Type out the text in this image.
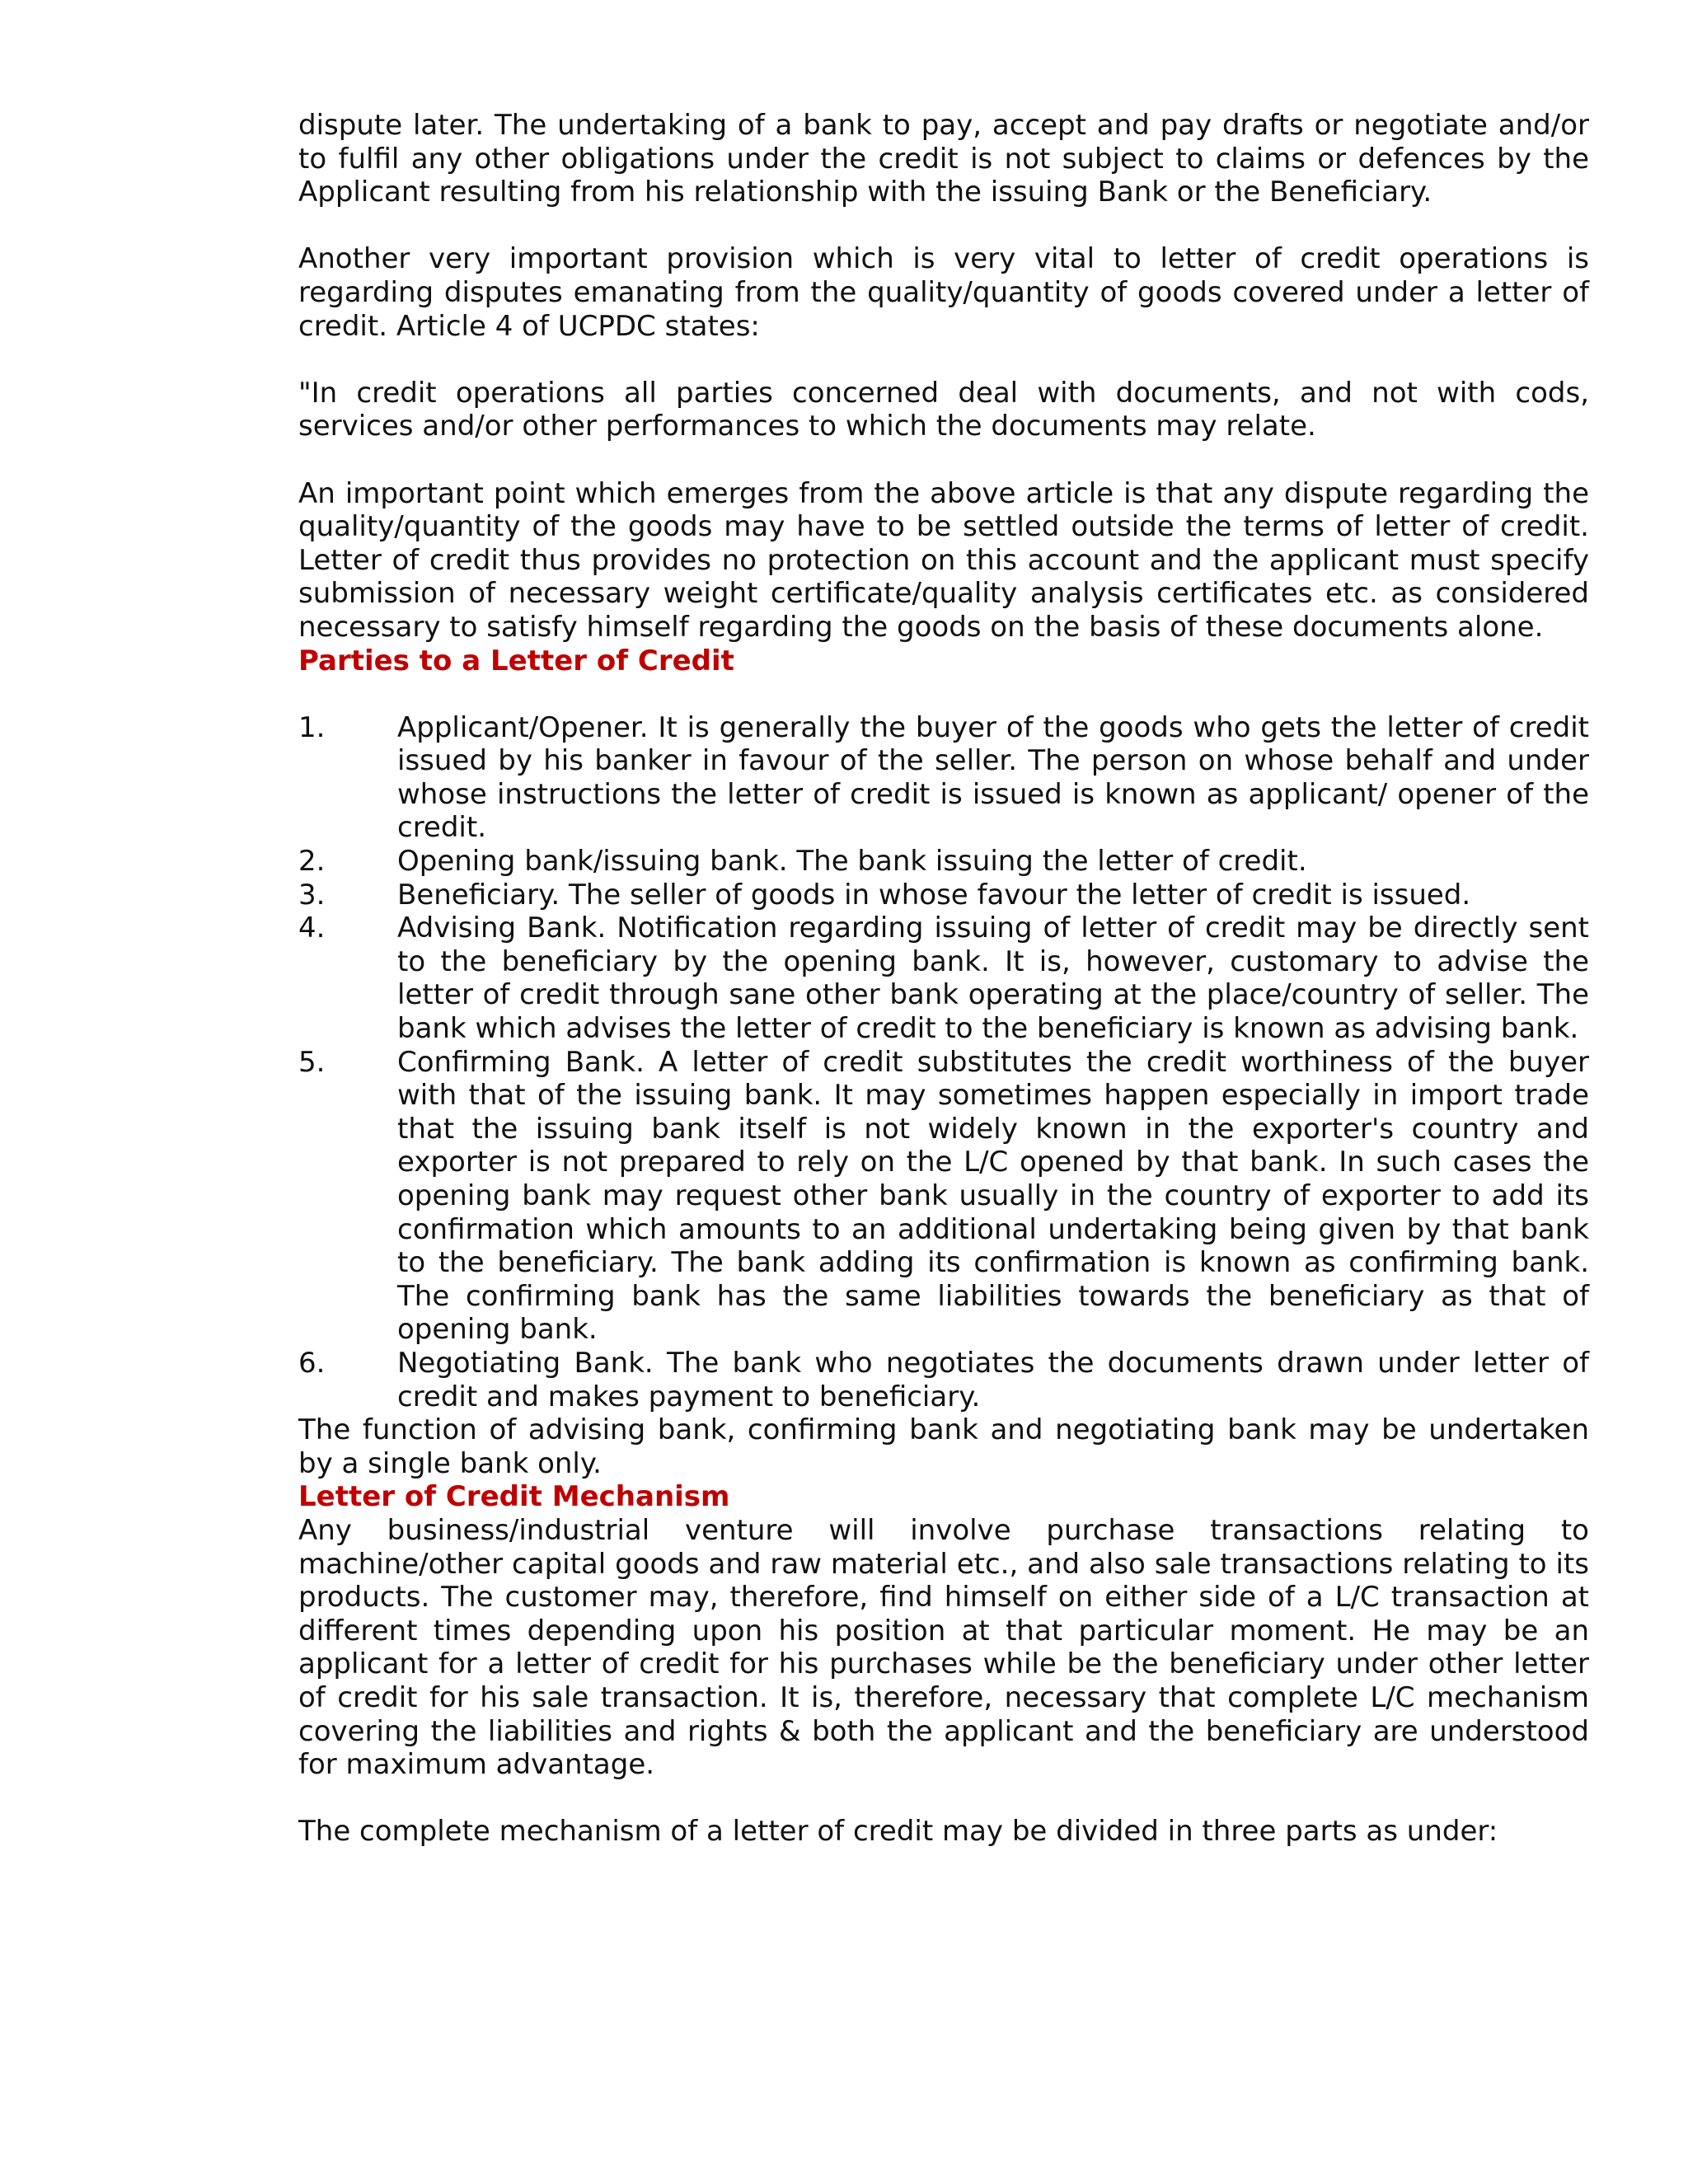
dispute later. The undertaking of a bank to pay, accept and pay drafts or negotiate and/or to fulfil any other obligations under the credit is not subject to claims or defences by the Applicant resulting from his relationship with the issuing Bank or the Beneficiary.

Another very important provision which is very vital to letter of credit operations is regarding disputes emanating from the quality/quantity of goods covered under a letter of credit. Article 4 of UCPDC states:

"In credit operations all parties concerned deal with documents, and not with cods, services and/or other performances to which the documents may relate.

An important point which emerges from the above article is that any dispute regarding the quality/quantity of the goods may have to be settled outside the terms of letter of credit. Letter of credit thus provides no protection on this account and the applicant must specify submission of necessary weight certificate/quality analysis certificates etc. as considered necessary to satisfy himself regarding the goods on the basis of these documents alone.

Parties to a Letter of Credit
1.	Applicant/Opener. It is generally the buyer of the goods who gets the letter of credit issued by his banker in favour of the seller. The person on whose behalf and under whose instructions the letter of credit is issued is known as applicant/ opener of the credit.
2.	Opening bank/issuing bank. The bank issuing the letter of credit.
3.	Beneficiary. The seller of goods in whose favour the letter of credit is issued.
4.	Advising Bank. Notification regarding issuing of letter of credit may be directly sent to the beneficiary by the opening bank. It is, however, customary to advise the letter of credit through sane other bank operating at the place/country of seller. The bank which advises the letter of credit to the beneficiary is known as advising bank.
5.	Confirming Bank. A letter of credit substitutes the credit worthiness of the buyer with that of the issuing bank. It may sometimes happen especially in import trade that the issuing bank itself is not widely known in the exporter's country and exporter is not prepared to rely on the L/C opened by that bank. In such cases the opening bank may request other bank usually in the country of exporter to add its confirmation which amounts to an additional undertaking being given by that bank to the beneficiary. The bank adding its confirmation is known as confirming bank. The confirming bank has the same liabilities towards the beneficiary as that of opening bank.
6.	Negotiating Bank. The bank who negotiates the documents drawn under letter of credit and makes payment to beneficiary.

The function of advising bank, confirming bank and negotiating bank may be undertaken by a single bank only.

Letter of Credit Mechanism

Any business/industrial venture will involve purchase transactions relating to machine/other capital goods and raw material etc., and also sale transactions relating to its products. The customer may, therefore, find himself on either side of a L/C transaction at different times depending upon his position at that particular moment. He may be an applicant for a letter of credit for his purchases while be the beneficiary under other letter of credit for his sale transaction. It is, therefore, necessary that complete L/C mechanism covering the liabilities and rights & both the applicant and the beneficiary are understood for maximum advantage.

The complete mechanism of a letter of credit may be divided in three parts as under:
